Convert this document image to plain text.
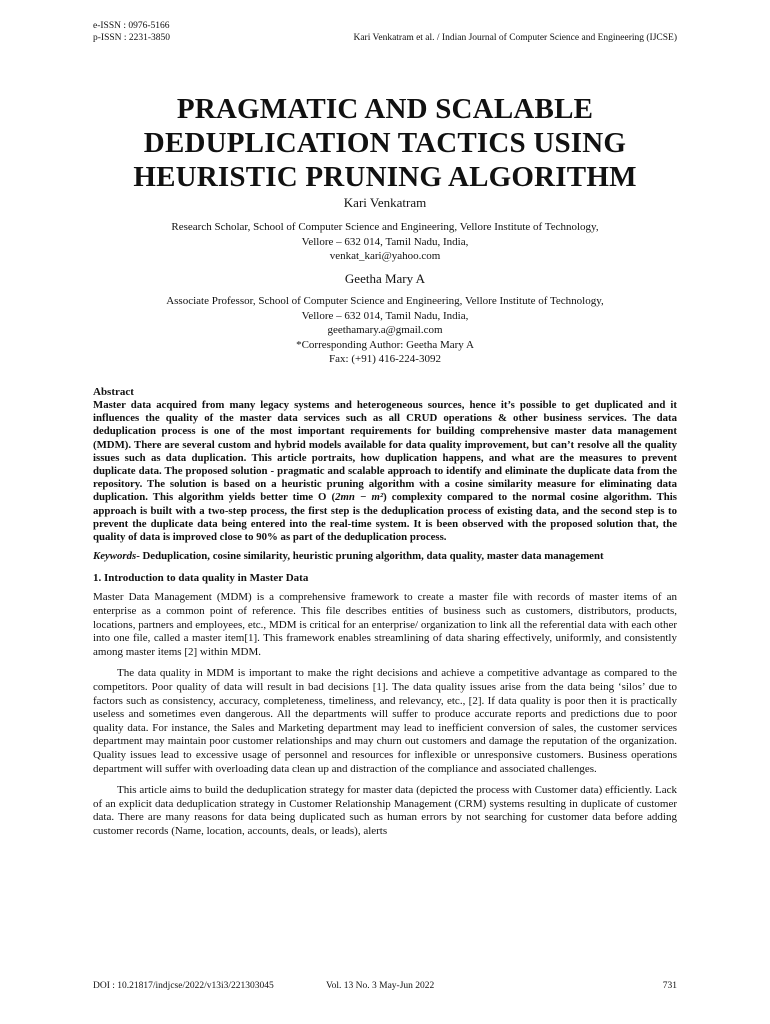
e-ISSN : 0976-5166
p-ISSN : 2231-3850	Kari Venkatram et al. / Indian Journal of Computer Science and Engineering (IJCSE)
PRAGMATIC AND SCALABLE
DEDUPLICATION TACTICS USING
HEURISTIC PRUNING ALGORITHM
Kari Venkatram
Research Scholar, School of Computer Science and Engineering, Vellore Institute of Technology,
Vellore – 632 014, Tamil Nadu, India,
venkat_kari@yahoo.com
Geetha Mary A
Associate Professor, School of Computer Science and Engineering, Vellore Institute of Technology,
Vellore – 632 014, Tamil Nadu, India,
geethamary.a@gmail.com
*Corresponding Author: Geetha Mary A
Fax: (+91) 416-224-3092

Abstract

Master data acquired from many legacy systems and heterogeneous sources, hence it’s possible to get duplicated and it influences the quality of the master data services such as all CRUD operations & other business services. The data deduplication process is one of the most important requirements for building comprehensive master data management (MDM). There are several custom and hybrid models available for data quality improvement, but can’t resolve all the quality issues such as data duplication. This article portraits, how duplication happens, and what are the measures to prevent duplicate data. The proposed solution - pragmatic and scalable approach to identify and eliminate the duplicate data from the repository. The solution is based on a heuristic pruning algorithm with a cosine similarity measure for eliminating data duplication. This algorithm yields better time O (2mn − m²) complexity compared to the normal cosine algorithm. This approach is built with a two-step process, the first step is the deduplication process of existing data, and the second step is to prevent the duplicate data being entered into the real-time system. It is been observed with the proposed solution that, the quality of data is improved close to 90% as part of the deduplication process.

Keywords- Deduplication, cosine similarity, heuristic pruning algorithm, data quality, master data management

1. Introduction to data quality in Master Data

Master Data Management (MDM) is a comprehensive framework to create a master file with records of master items of an enterprise as a common point of reference. This file describes entities of business such as customers, distributors, products, locations, partners and employees, etc., MDM is critical for an enterprise/ organization to link all the referential data with each other into one file, called a master item[1]. This framework enables streamlining of data sharing effectively, uniformly, and consistently among master items [2] within MDM.

The data quality in MDM is important to make the right decisions and achieve a competitive advantage as compared to the competitors. Poor quality of data will result in bad decisions [1]. The data quality issues arise from the data being ‘silos’ due to factors such as consistency, accuracy, completeness, timeliness, and relevancy, etc., [2]. If data quality is poor then it is practically useless and sometimes even dangerous. All the departments will suffer to produce accurate reports and predictions due to poor quality data. For instance, the Sales and Marketing department may lead to inefficient conversion of sales, the customer services department may maintain poor customer relationships and may churn out customers and damage the reputation of the organization. Quality issues lead to excessive usage of personnel and resources for inflexible or unresponsive customers. Business operations department will suffer with overloading data clean up and distraction of the compliance and associated challenges.

This article aims to build the deduplication strategy for master data (depicted the process with Customer data) efficiently. Lack of an explicit data deduplication strategy in Customer Relationship Management (CRM) systems resulting in duplicate of customer data. There are many reasons for data being duplicated such as human errors by not searching for customer data before adding customer records (Name, location, accounts, deals, or leads), alerts

DOI : 10.21817/indjcse/2022/v13i3/221303045	Vol. 13 No. 3 May-Jun 2022	731
